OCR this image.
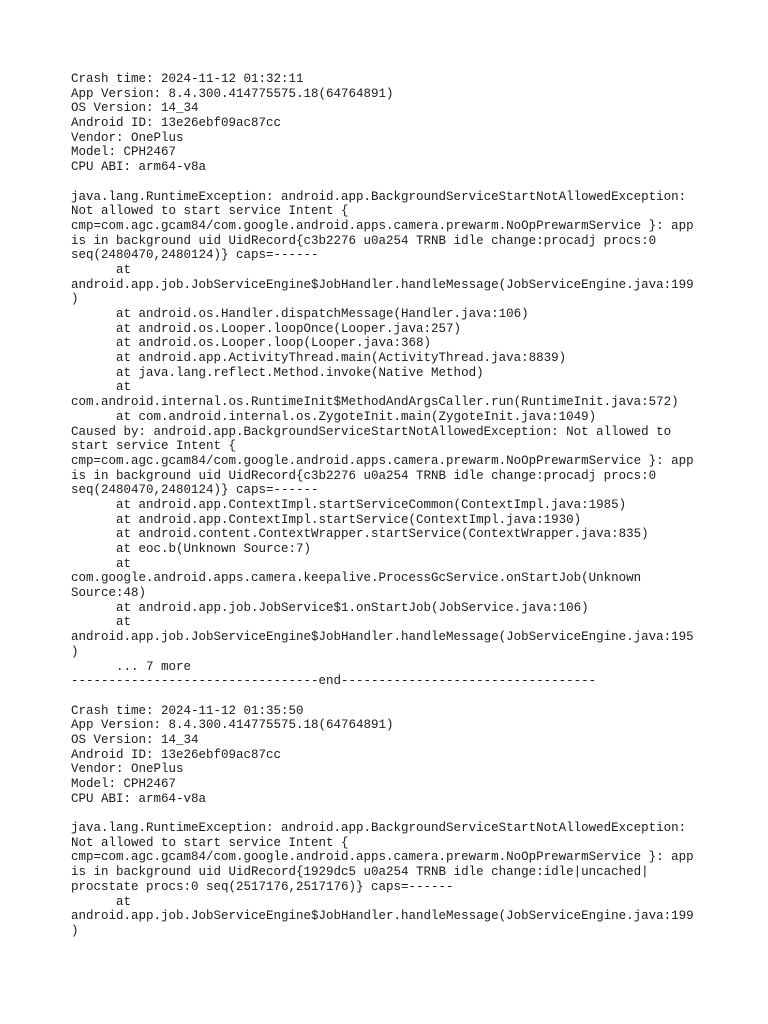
Crash time: 2024-11-12 01:32:11
App Version: 8.4.300.414775575.18(64764891)
OS Version: 14_34
Android ID: 13e26ebf09ac87cc
Vendor: OnePlus
Model: CPH2467
CPU ABI: arm64-v8a

java.lang.RuntimeException: android.app.BackgroundServiceStartNotAllowedException:
Not allowed to start service Intent {
cmp=com.agc.gcam84/com.google.android.apps.camera.prewarm.NoOpPrewarmService }: app
is in background uid UidRecord{c3b2276 u0a254 TRNB idle change:procadj procs:0
seq(2480470,2480124)} caps=------
at
android.app.job.JobServiceEngine$JobHandler.handleMessage(JobServiceEngine.java:199
)
at android.os.Handler.dispatchMessage(Handler.java:106)
at android.os.Looper.loopOnce(Looper.java:257)
at android.os.Looper.loop(Looper.java:368)
at android.app.ActivityThread.main(ActivityThread.java:8839)
at java.lang.reflect.Method.invoke(Native Method)
at
com.android.internal.os.RuntimeInit$MethodAndArgsCaller.run(RuntimeInit.java:572)
at com.android.internal.os.ZygoteInit.main(ZygoteInit.java:1049)
Caused by: android.app.BackgroundServiceStartNotAllowedException: Not allowed to
start service Intent {
cmp=com.agc.gcam84/com.google.android.apps.camera.prewarm.NoOpPrewarmService }: app
is in background uid UidRecord{c3b2276 u0a254 TRNB idle change:procadj procs:0
seq(2480470,2480124)} caps=------
at android.app.ContextImpl.startServiceCommon(ContextImpl.java:1985)
at android.app.ContextImpl.startService(ContextImpl.java:1930)
at android.content.ContextWrapper.startService(ContextWrapper.java:835)
at eoc.b(Unknown Source:7)
at
com.google.android.apps.camera.keepalive.ProcessGcService.onStartJob(Unknown
Source:48)
at android.app.job.JobService$1.onStartJob(JobService.java:106)
at
android.app.job.JobServiceEngine$JobHandler.handleMessage(JobServiceEngine.java:195
)
... 7 more
---------------------------------end----------------------------------

Crash time: 2024-11-12 01:35:50
App Version: 8.4.300.414775575.18(64764891)
OS Version: 14_34
Android ID: 13e26ebf09ac87cc
Vendor: OnePlus
Model: CPH2467
CPU ABI: arm64-v8a

java.lang.RuntimeException: android.app.BackgroundServiceStartNotAllowedException:
Not allowed to start service Intent {
cmp=com.agc.gcam84/com.google.android.apps.camera.prewarm.NoOpPrewarmService }: app
is in background uid UidRecord{1929dc5 u0a254 TRNB idle change:idle|uncached|
procstate procs:0 seq(2517176,2517176)} caps=------
at
android.app.job.JobServiceEngine$JobHandler.handleMessage(JobServiceEngine.java:199
)
